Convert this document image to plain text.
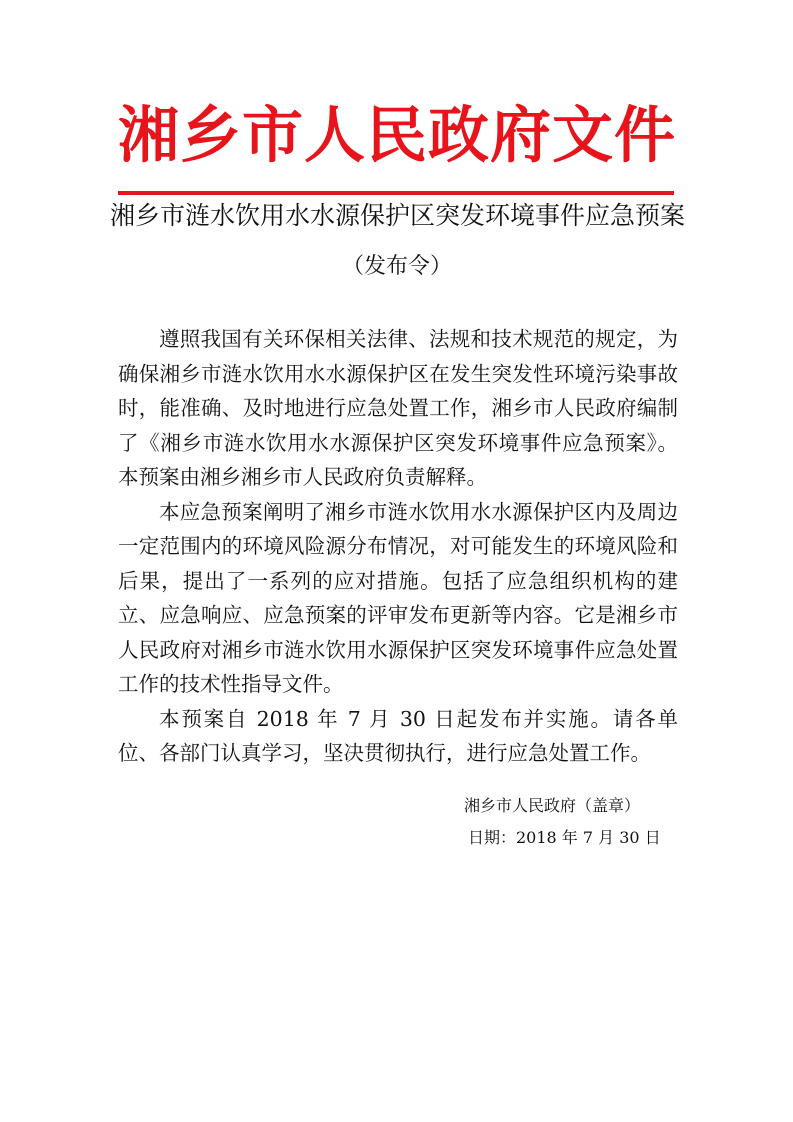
湘乡市人民政府文件
湘乡市涟水饮用水水源保护区突发环境事件应急预案
（发布令）

遵照我国有关环保相关法律、法规和技术规范的规定，为确保湘乡市涟水饮用水水源保护区在发生突发性环境污染事故时，能准确、及时地进行应急处置工作，湘乡市人民政府编制了《湘乡市涟水饮用水水源保护区突发环境事件应急预案》。本预案由湘乡湘乡市人民政府负责解释。

本应急预案阐明了湘乡市涟水饮用水水源保护区内及周边一定范围内的环境风险源分布情况，对可能发生的环境风险和后果，提出了一系列的应对措施。包括了应急组织机构的建立、应急响应、应急预案的评审发布更新等内容。它是湘乡市人民政府对湘乡市涟水饮用水源保护区突发环境事件应急处置工作的技术性指导文件。

本预案自 2018 年 7 月 30 日起发布并实施。请各单位、各部门认真学习，坚决贯彻执行，进行应急处置工作。

湘乡市人民政府（盖章）
日期：2018 年 7 月 30 日
